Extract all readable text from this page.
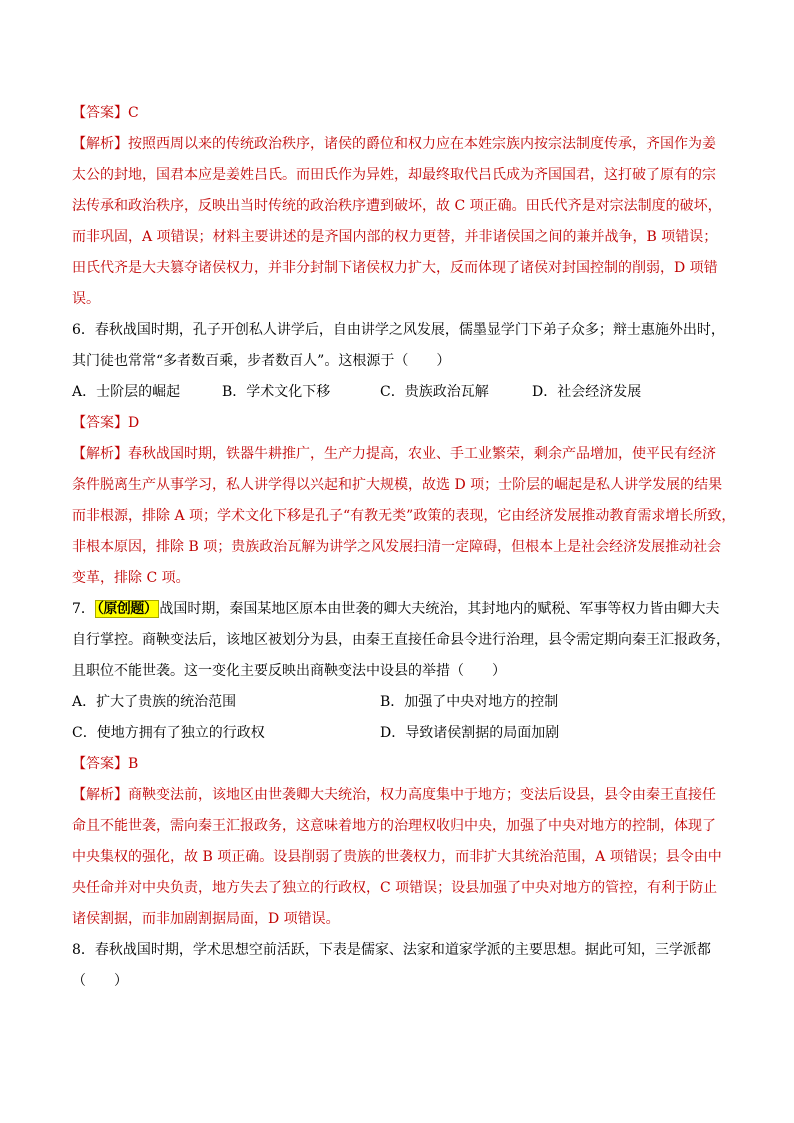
【答案】C
【解析】按照西周以来的传统政治秩序，诸侯的爵位和权力应在本姓宗族内按宗法制度传承，齐国作为姜
太公的封地，国君本应是姜姓吕氏。而田氏作为异姓，却最终取代吕氏成为齐国国君，这打破了原有的宗
法传承和政治秩序，反映出当时传统的政治秩序遭到破坏，故 C 项正确。田氏代齐是对宗法制度的破坏，
而非巩固，A 项错误；材料主要讲述的是齐国内部的权力更替，并非诸侯国之间的兼并战争，B 项错误；
田氏代齐是大夫篡夺诸侯权力，并非分封制下诸侯权力扩大，反而体现了诸侯对封国控制的削弱，D 项错
误。
6．春秋战国时期，孔子开创私人讲学后，自由讲学之风发展，儒墨显学门下弟子众多；辩士惠施外出时，
其门徒也常常“多者数百乘，步者数百人”。这根源于（　　）
A．士阶层的崛起	B．学术文化下移	C．贵族政治瓦解	D．社会经济发展
【答案】D
【解析】春秋战国时期，铁器牛耕推广，生产力提高，农业、手工业繁荣，剩余产品增加，使平民有经济
条件脱离生产从事学习，私人讲学得以兴起和扩大规模，故选 D 项；士阶层的崛起是私人讲学发展的结果
而非根源，排除 A 项；学术文化下移是孔子“有教无类”政策的表现，它由经济发展推动教育需求增长所致，
非根本原因，排除 B 项；贵族政治瓦解为讲学之风发展扫清一定障碍，但根本上是社会经济发展推动社会
变革，排除 C 项。
7． （原创题） 战国时期，秦国某地区原本由世袭的卿大夫统治，其封地内的赋税、军事等权力皆由卿大夫
自行掌控。商鞅变法后，该地区被划分为县，由秦王直接任命县令进行治理，县令需定期向秦王汇报政务，
且职位不能世袭。这一变化主要反映出商鞅变法中设县的举措（　　）
A．扩大了贵族的统治范围	B．加强了中央对地方的控制
C．使地方拥有了独立的行政权	D．导致诸侯割据的局面加剧
【答案】B
【解析】商鞅变法前，该地区由世袭卿大夫统治，权力高度集中于地方；变法后设县，县令由秦王直接任
命且不能世袭，需向秦王汇报政务，这意味着地方的治理权收归中央，加强了中央对地方的控制，体现了
中央集权的强化，故 B 项正确。设县削弱了贵族的世袭权力，而非扩大其统治范围，A 项错误；县令由中
央任命并对中央负责，地方失去了独立的行政权，C 项错误；设县加强了中央对地方的管控，有利于防止
诸侯割据，而非加剧割据局面，D 项错误。
8．春秋战国时期，学术思想空前活跃，下表是儒家、法家和道家学派的主要思想。据此可知，三学派都
（　　）
